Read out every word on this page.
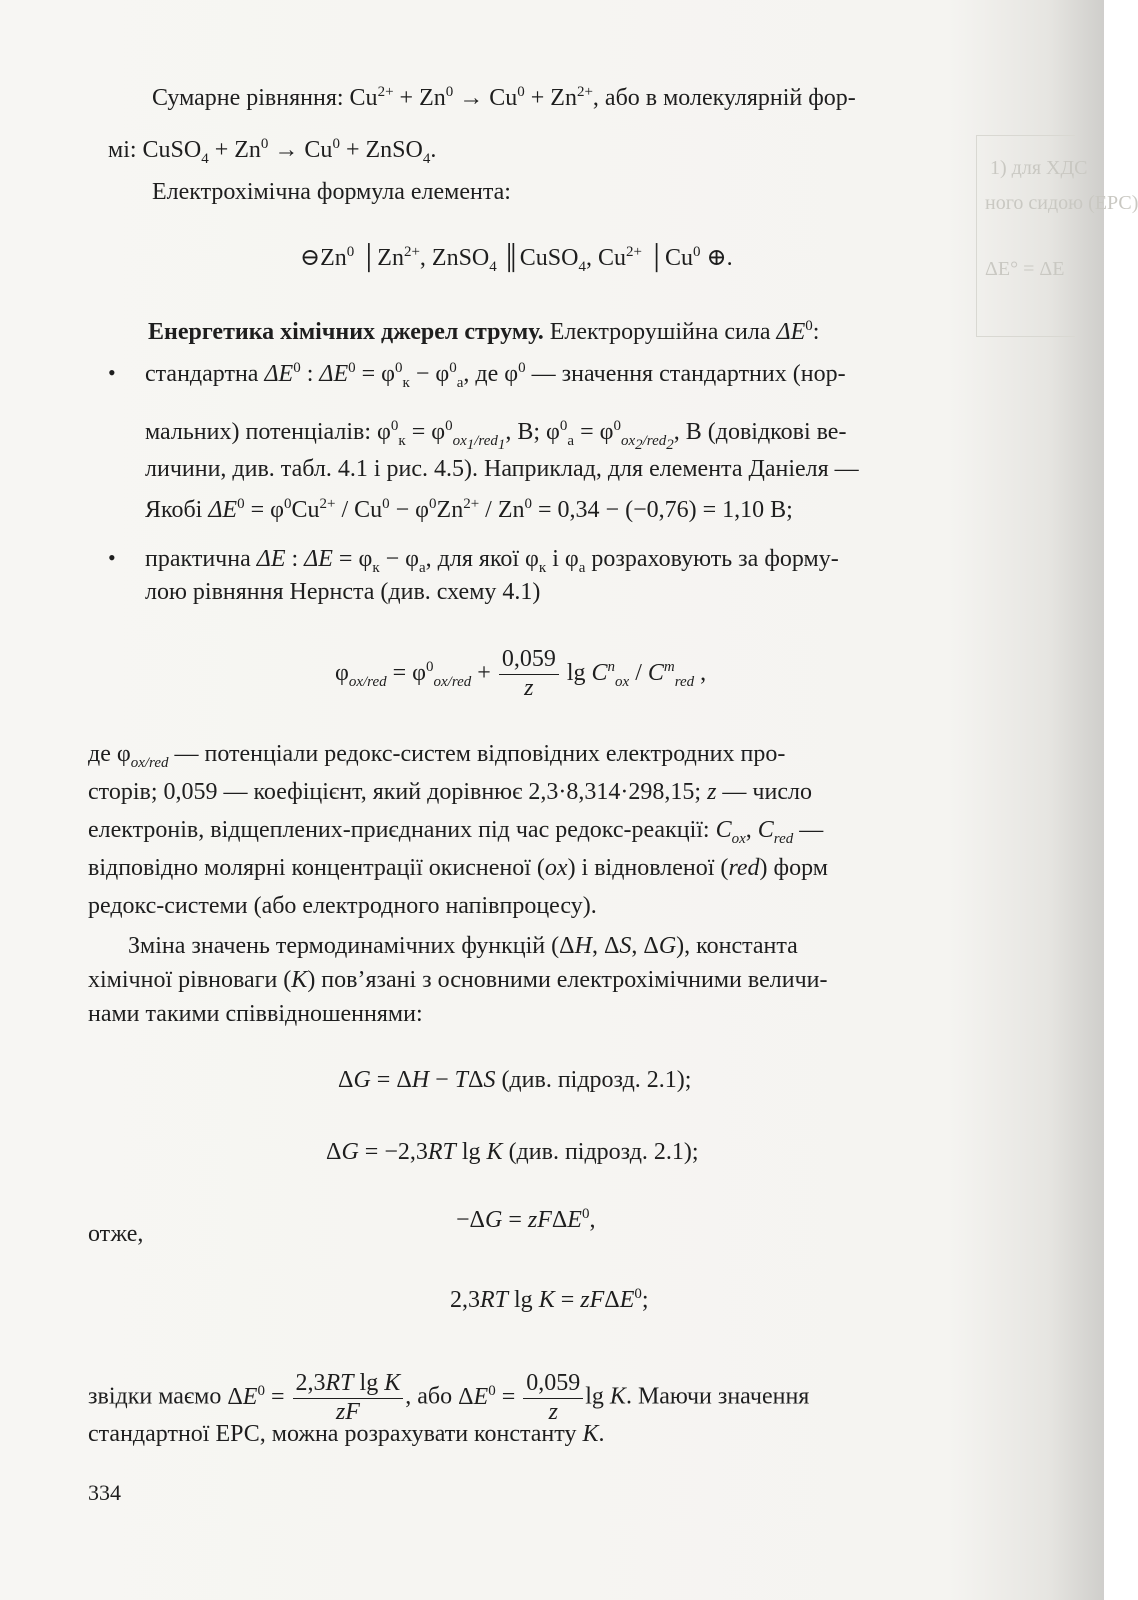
1) для ХДС
ного сидою (ЕРС)
ΔE° = ΔE
Сумарне рівняння: $Cu^{2+} + Zn^0 \to Cu^0 + Zn^{2+}$, або в молекулярній фор-
мі: CuSO$_4$ + $Zn^0 \to Cu^0$ + ZnSO$_4$.
Електрохімічна формула елемента:
⊖Zn$^0$ $│Zn^{2+}$, ZnSO$_4$ ║CuSO$_4$, $Cu^{2+}$ │Cu$^0$ ⊕.
Енергетика хімічних джерел струму. Електрорушійна сила $\Delta E^0$:
• стандартна $\Delta E^0$ : $\Delta E^0 = \varphi^0_к - \varphi^0_а$, де $\varphi^0$ — значення стандартних (нор-
мальних) потенціалів: $\varphi^0_к = \varphi^0_{ox_1/red_1}$, В; $\varphi^0_а = \varphi^0_{ox_2/red_2}$, В (довідкові ве-
личини, див. табл. 4.1 і рис. 4.5). Наприклад, для елемента Даніеля —
Якобі $\Delta E^0 = \varphi^0Cu^{2+} / Cu^0 - \varphi^0Zn^{2+} / Zn^0 = 0,34 - (-0,76) = 1,10$ В;
• практична ΔE : $\Delta E = \varphi_к - \varphi_а$, для якої $\varphi_к$ і $\varphi_а$ розраховують за форму-
лою рівняння Нернста (див. схему 4.1)
$\varphi_{ox/red} = \varphi^0_{ox/red} + \frac{0,059}{z}$ $\lg C^n_{ox} / C^m_{red}$ ,
де $\varphi_{ox/red}$ — потенціали редокс-систем відповідних електродних про-
сторів; 0,059 — коефіцієнт, який дорівнює 2,3·8,314·298,15; z — число
електронів, відщеплених-приєднаних під час редокс-реакції: $C_{ox}$, $C_{red}$ —
відповідно молярні концентрації окисненої (ox) і відновленої (red) форм
редокс-системи (або електродного напівпроцесу).
Зміна значень термодинамічних функцій (ΔH, ΔS, ΔG), константа
хімічної рівноваги (K) пов’язані з основними електрохімічними величи-
нами такими співвідношеннями:
ΔG = ΔH − TΔS (див. підрозд. 2.1);
ΔG = −2,3RT lg K (див. підрозд. 2.1);
отже,
−ΔG = zFΔE$^0$,
2,3RT lg K = zFΔE$^0$;
звідки маємо $\Delta E^0 = \frac{\text{2,3RT lg K}}{zF}$ , або $\Delta E^0 = \frac{0,059}{z}$ lg K. Маючи значення
стандартної ЕРС, можна розрахувати константу K.
334
